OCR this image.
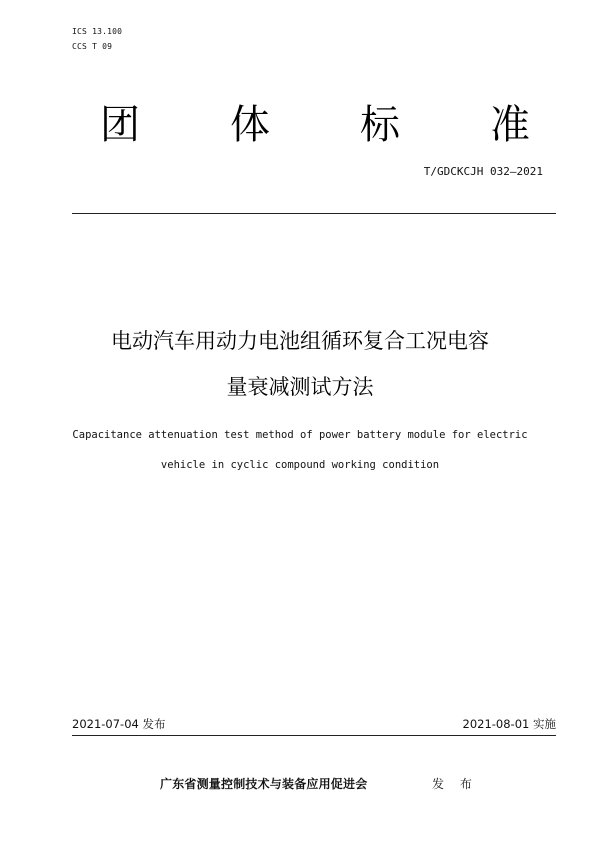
ICS 13.100
CCS T 09
团 体 标 准
T/GDCKCJH 032—2021
电动汽车用动力电池组循环复合工况电容
量衰减测试方法
Capacitance attenuation test method of power battery module for electric
vehicle in cyclic compound working condition
2021-07-04 发布	2021-08-01 实施
广东省测量控制技术与装备应用促进会	发 布
